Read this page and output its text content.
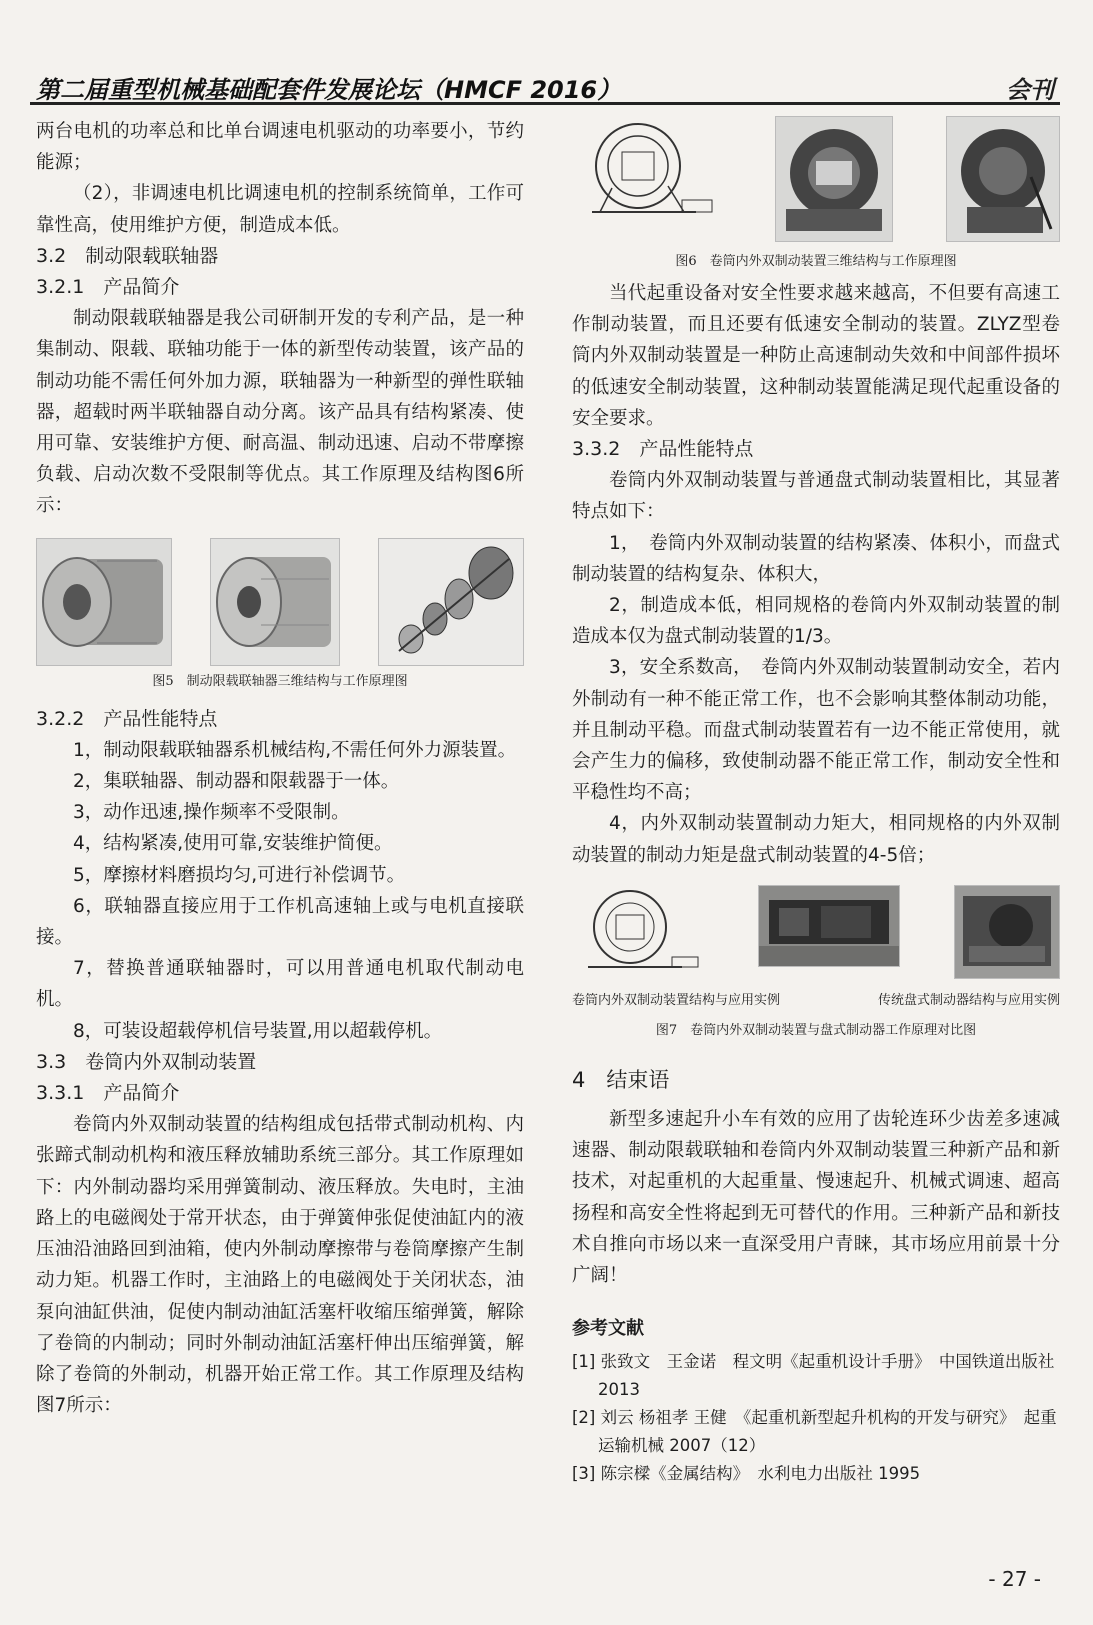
第二届重型机械基础配套件发展论坛（HMCF 2016）	会刊

两台电机的功率总和比单台调速电机驱动的功率要小，节约能源；

（2），非调速电机比调速电机的控制系统简单，工作可靠性高，使用维护方便，制造成本低。

3.2　制动限载联轴器

3.2.1　产品简介

制动限载联轴器是我公司研制开发的专利产品，是一种集制动、限载、联轴功能于一体的新型传动装置，该产品的制动功能不需任何外加力源，联轴器为一种新型的弹性联轴器，超载时两半联轴器自动分离。该产品具有结构紧凑、使用可靠、安装维护方便、耐高温、制动迅速、启动不带摩擦负载、启动次数不受限制等优点。其工作原理及结构图6所示：

图5　制动限载联轴器三维结构与工作原理图

3.2.2　产品性能特点

1，制动限载联轴器系机械结构,不需任何外力源装置。

2，集联轴器、制动器和限载器于一体。

3，动作迅速,操作频率不受限制。

4，结构紧凑,使用可靠,安装维护简便。

5，摩擦材料磨损均匀,可进行补偿调节。

6，联轴器直接应用于工作机高速轴上或与电机直接联接。

7，替换普通联轴器时，可以用普通电机取代制动电机。

8，可装设超载停机信号装置,用以超载停机。

3.3　卷筒内外双制动装置

3.3.1　产品简介

卷筒内外双制动装置的结构组成包括带式制动机构、内张蹄式制动机构和液压释放辅助系统三部分。其工作原理如下：内外制动器均采用弹簧制动、液压释放。失电时，主油路上的电磁阀处于常开状态，由于弹簧伸张促使油缸内的液压油沿油路回到油箱，使内外制动摩擦带与卷筒摩擦产生制动力矩。机器工作时，主油路上的电磁阀处于关闭状态，油泵向油缸供油，促使内制动油缸活塞杆收缩压缩弹簧，解除了卷筒的内制动；同时外制动油缸活塞杆伸出压缩弹簧，解除了卷筒的外制动，机器开始正常工作。其工作原理及结构图7所示：

图6　卷筒内外双制动装置三维结构与工作原理图

当代起重设备对安全性要求越来越高，不但要有高速工作制动装置，而且还要有低速安全制动的装置。ZLYZ型卷筒内外双制动装置是一种防止高速制动失效和中间部件损坏的低速安全制动装置，这种制动装置能满足现代起重设备的安全要求。

3.3.2　产品性能特点

卷筒内外双制动装置与普通盘式制动装置相比，其显著特点如下：

1，　卷筒内外双制动装置的结构紧凑、体积小，而盘式制动装置的结构复杂、体积大，

2，制造成本低，相同规格的卷筒内外双制动装置的制造成本仅为盘式制动装置的1/3。

3，安全系数高，　卷筒内外双制动装置制动安全，若内外制动有一种不能正常工作，也不会影响其整体制动功能，并且制动平稳。而盘式制动装置若有一边不能正常使用，就会产生力的偏移，致使制动器不能正常工作，制动安全性和平稳性均不高；

4，内外双制动装置制动力矩大，相同规格的内外双制动装置的制动力矩是盘式制动装置的4-5倍；

卷筒内外双制动装置结构与应用实例	传统盘式制动器结构与应用实例

图7　卷筒内外双制动装置与盘式制动器工作原理对比图

4　结束语

新型多速起升小车有效的应用了齿轮连环少齿差多速减速器、制动限载联轴和卷筒内外双制动装置三种新产品和新技术，对起重机的大起重量、慢速起升、机械式调速、超高扬程和高安全性将起到无可替代的作用。三种新产品和新技术自推向市场以来一直深受用户青睐，其市场应用前景十分广阔！

参考文献

[1] 张致文　王金诺　程文明《起重机设计手册》　中国铁道出版社 2013

[2] 刘云 杨祖孝 王健　《起重机新型起升机构的开发与研究》　起重运输机械 2007（12）

[3] 陈宗樑《金属结构》　水利电力出版社 1995

- 27 -
